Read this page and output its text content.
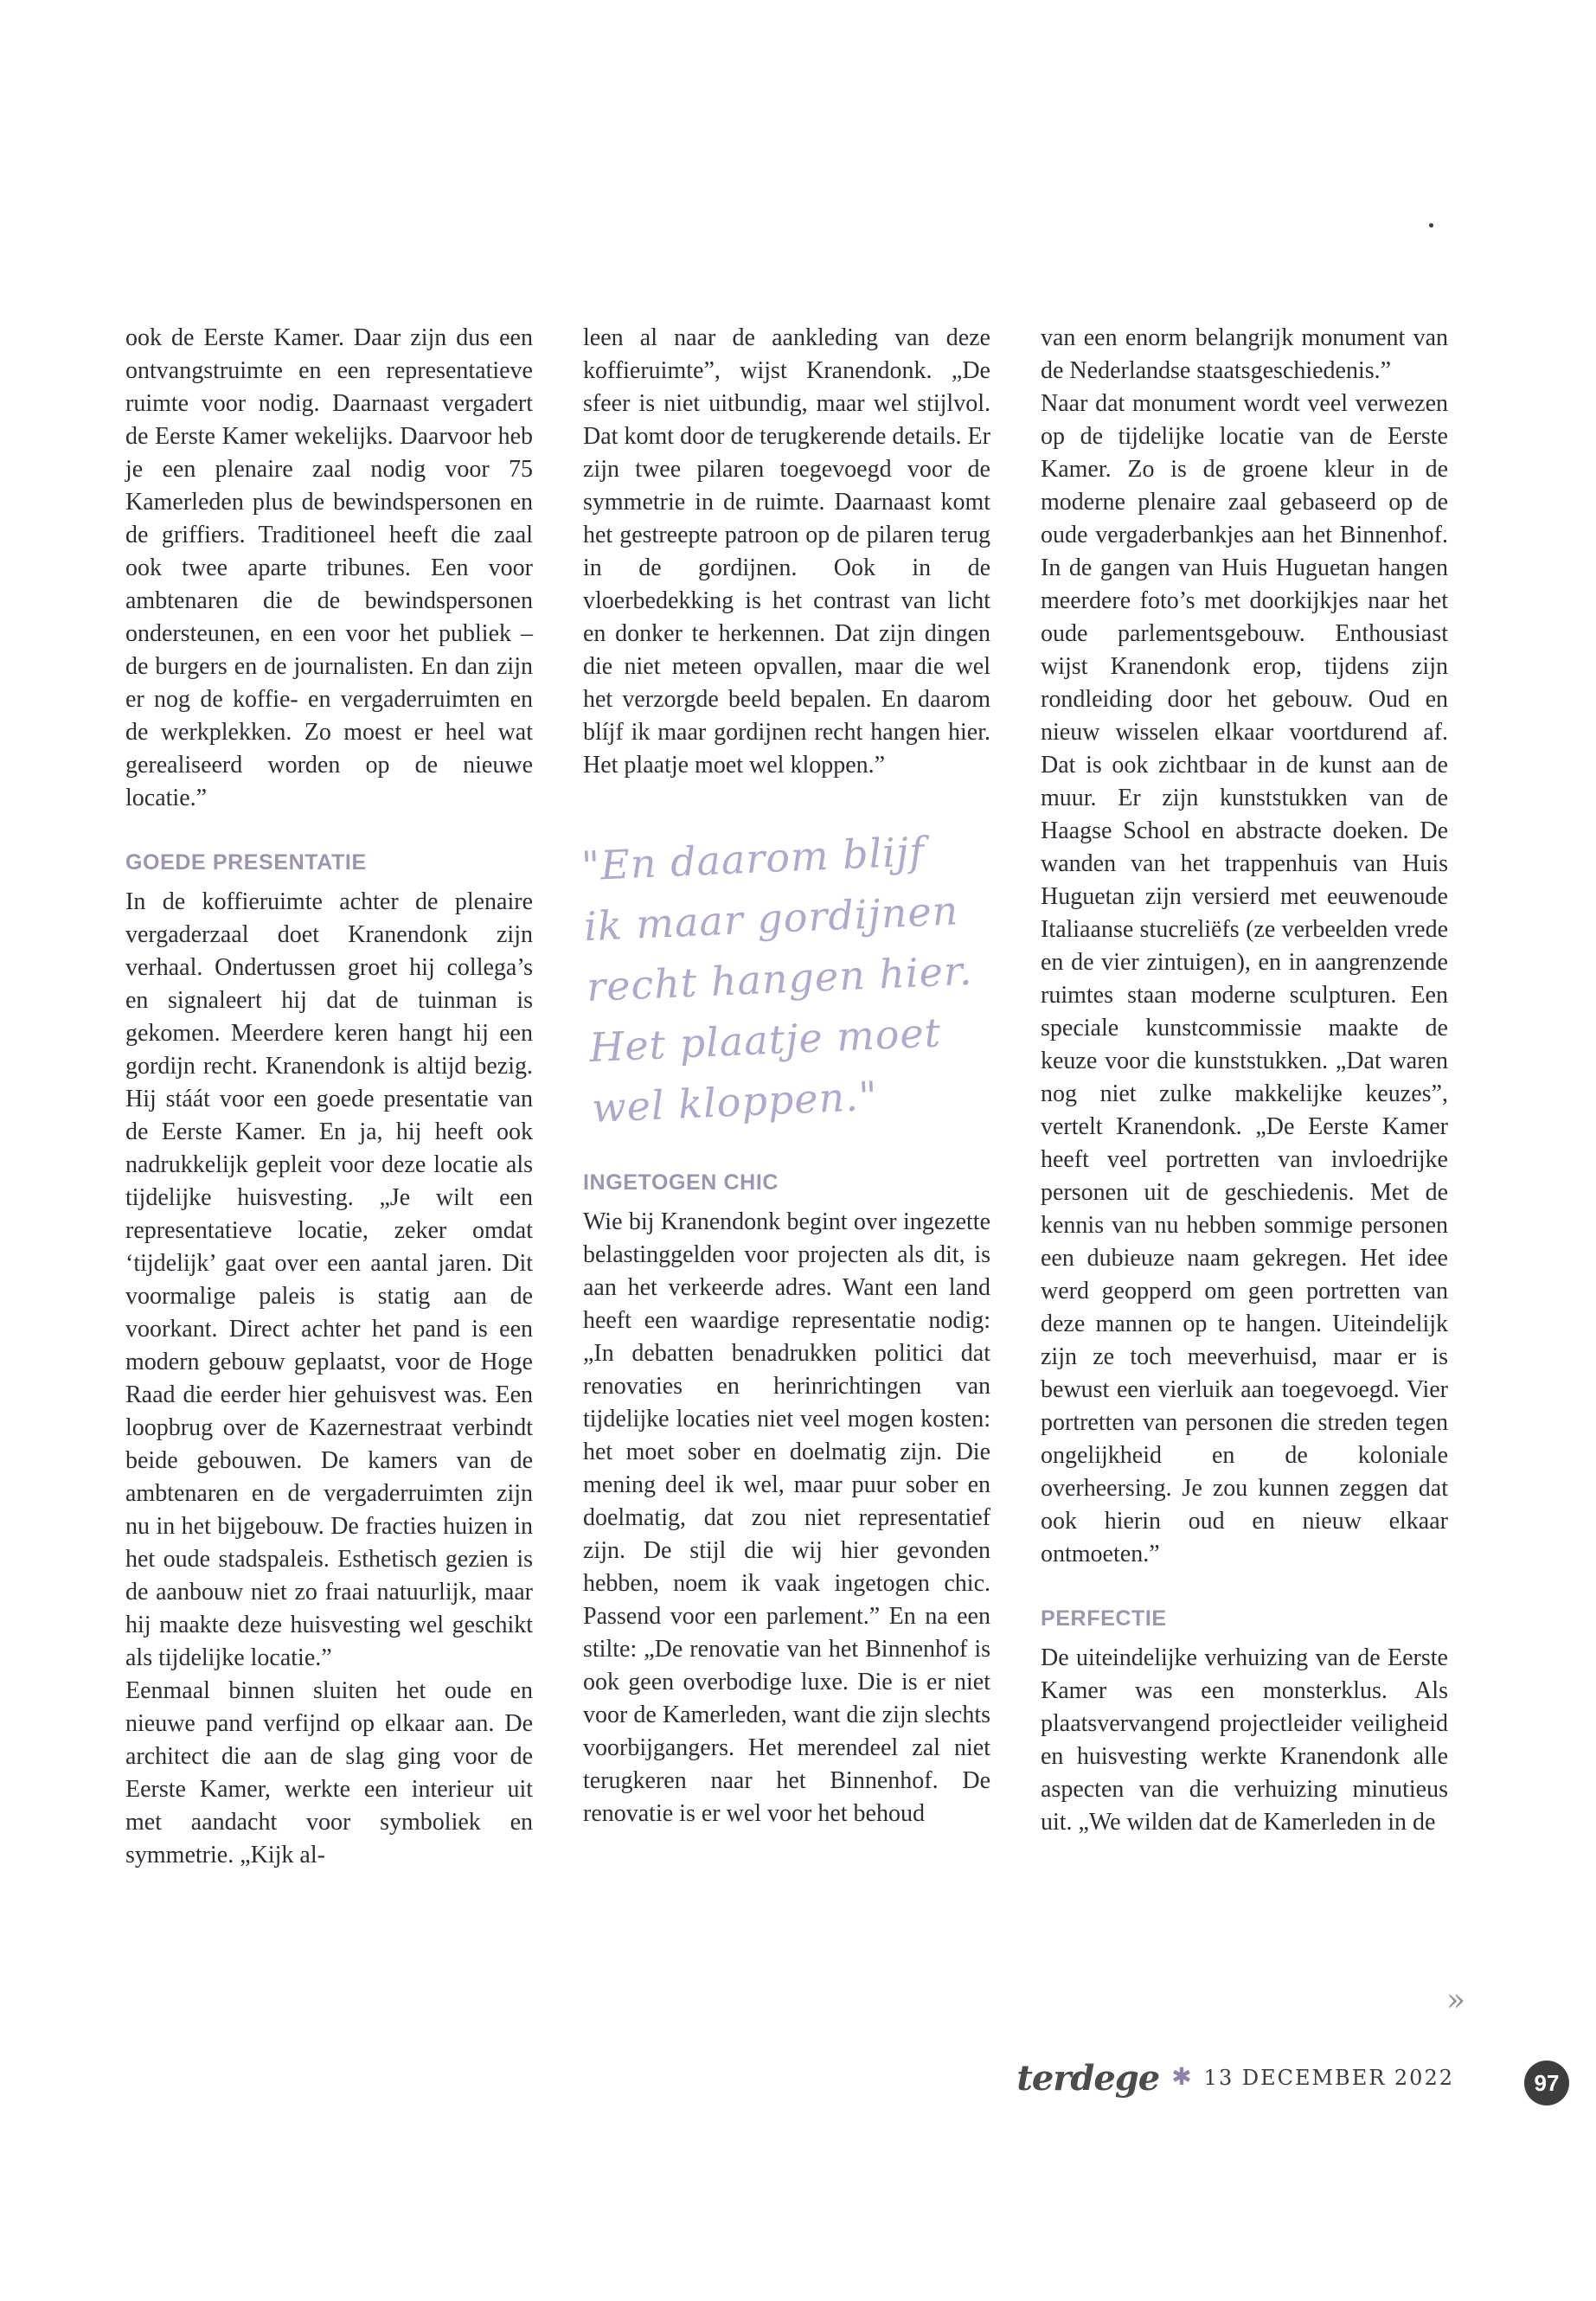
ook de Eerste Kamer. Daar zijn dus een ontvangstruimte en een representatieve ruimte voor nodig. Daarnaast vergadert de Eerste Kamer wekelijks. Daarvoor heb je een plenaire zaal nodig voor 75 Kamerleden plus de bewindspersonen en de griffiers. Traditioneel heeft die zaal ook twee aparte tribunes. Een voor ambtenaren die de bewindspersonen ondersteunen, en een voor het publiek – de burgers en de journalisten. En dan zijn er nog de koffie- en vergaderruimten en de werkplekken. Zo moest er heel wat gerealiseerd worden op de nieuwe locatie.”

GOEDE PRESENTATIE

In de koffieruimte achter de plenaire vergaderzaal doet Kranendonk zijn verhaal. Ondertussen groet hij collega’s en signaleert hij dat de tuinman is gekomen. Meerdere keren hangt hij een gordijn recht. Kranendonk is altijd bezig. Hij stáát voor een goede presentatie van de Eerste Kamer. En ja, hij heeft ook nadrukkelijk gepleit voor deze locatie als tijdelijke huisvesting. „Je wilt een representatieve locatie, zeker omdat ‘tijdelijk’ gaat over een aantal jaren. Dit voormalige paleis is statig aan de voorkant. Direct achter het pand is een modern gebouw geplaatst, voor de Hoge Raad die eerder hier gehuisvest was. Een loopbrug over de Kazernestraat verbindt beide gebouwen. De kamers van de ambtenaren en de vergaderruimten zijn nu in het bijgebouw. De fracties huizen in het oude stadspaleis. Esthetisch gezien is de aanbouw niet zo fraai natuurlijk, maar hij maakte deze huisvesting wel geschikt als tijdelijke locatie.”

Eenmaal binnen sluiten het oude en nieuwe pand verfijnd op elkaar aan. De architect die aan de slag ging voor de Eerste Kamer, werkte een interieur uit met aandacht voor symboliek en symmetrie. „Kijk al-

leen al naar de aankleding van deze koffieruimte”, wijst Kranendonk. „De sfeer is niet uitbundig, maar wel stijlvol. Dat komt door de terugkerende details. Er zijn twee pilaren toegevoegd voor de symmetrie in de ruimte. Daarnaast komt het gestreepte patroon op de pilaren terug in de gordijnen. Ook in de vloerbedekking is het contrast van licht en donker te herkennen. Dat zijn dingen die niet meteen opvallen, maar die wel het verzorgde beeld bepalen. En daarom blíjf ik maar gordijnen recht hangen hier. Het plaatje moet wel kloppen.”

"En daarom blijf
ik maar gordijnen
recht hangen hier.
Het plaatje moet
wel kloppen."
INGETOGEN CHIC

Wie bij Kranendonk begint over ingezette belastinggelden voor projecten als dit, is aan het verkeerde adres. Want een land heeft een waardige representatie nodig: „In debatten benadrukken politici dat renovaties en herinrichtingen van tijdelijke locaties niet veel mogen kosten: het moet sober en doelmatig zijn. Die mening deel ik wel, maar puur sober en doelmatig, dat zou niet representatief zijn. De stijl die wij hier gevonden hebben, noem ik vaak ingetogen chic. Passend voor een parlement.” En na een stilte: „De renovatie van het Binnenhof is ook geen overbodige luxe. Die is er niet voor de Kamerleden, want die zijn slechts voorbijgangers. Het merendeel zal niet terugkeren naar het Binnenhof. De renovatie is er wel voor het behoud

van een enorm belangrijk monument van de Nederlandse staatsgeschiedenis.”

Naar dat monument wordt veel verwezen op de tijdelijke locatie van de Eerste Kamer. Zo is de groene kleur in de moderne plenaire zaal gebaseerd op de oude vergaderbankjes aan het Binnenhof. In de gangen van Huis Huguetan hangen meerdere foto’s met doorkijkjes naar het oude parlementsgebouw. Enthousiast wijst Kranendonk erop, tijdens zijn rondleiding door het gebouw. Oud en nieuw wisselen elkaar voortdurend af. Dat is ook zichtbaar in de kunst aan de muur. Er zijn kunststukken van de Haagse School en abstracte doeken. De wanden van het trappenhuis van Huis Huguetan zijn versierd met eeuwenoude Italiaanse stucreliëfs (ze verbeelden vrede en de vier zintuigen), en in aangrenzende ruimtes staan moderne sculpturen. Een speciale kunstcommissie maakte de keuze voor die kunststukken. „Dat waren nog niet zulke makkelijke keuzes”, vertelt Kranendonk. „De Eerste Kamer heeft veel portretten van invloedrijke personen uit de geschiedenis. Met de kennis van nu hebben sommige personen een dubieuze naam gekregen. Het idee werd geopperd om geen portretten van deze mannen op te hangen. Uiteindelijk zijn ze toch meeverhuisd, maar er is bewust een vierluik aan toegevoegd. Vier portretten van personen die streden tegen ongelijkheid en de koloniale overheersing. Je zou kunnen zeggen dat ook hierin oud en nieuw elkaar ontmoeten.”

PERFECTIE

De uiteindelijke verhuizing van de Eerste Kamer was een monsterklus. Als plaatsvervangend projectleider veiligheid en huisvesting werkte Kranendonk alle aspecten van die verhuizing minutieus uit. „We wilden dat de Kamerleden in de

»
terdege ✱ 13 DECEMBER 2022	97
